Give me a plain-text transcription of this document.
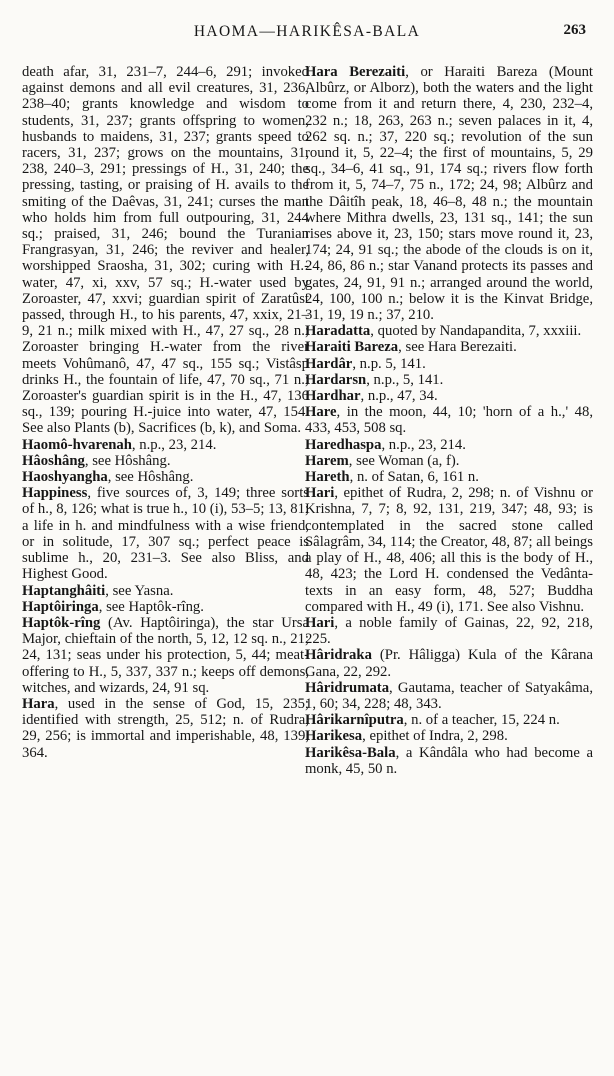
HAOMA—HARIKÊSA-BALA	263

death afar, 31, 231–7, 244–6, 291; invoked against demons and all evil creatures, 31, 236, 238–40; grants knowledge and wisdom to students, 31, 237; grants offspring to women, husbands to maidens, 31, 237; grants speed to racers, 31, 237; grows on the mountains, 31, 238, 240–3, 291; pressings of H., 31, 240; the pressing, tasting, or praising of H. avails to the smiting of the Daêvas, 31, 241; curses the man who holds him from full outpouring, 31, 244 sq.; praised, 31, 246; bound the Turanian Frangrasyan, 31, 246; the reviver and healer, worshipped Sraosha, 31, 302; curing with H.-water, 47, xi, xxv, 57 sq.; H.-water used by Zoroaster, 47, xxvi; guardian spirit of Zaratûst passed, through H., to his parents, 47, xxix, 21–9, 21 n.; milk mixed with H., 47, 27 sq., 28 n.; Zoroaster bringing H.-water from the river meets Vohûmanô, 47, 47 sq., 155 sq.; Vistâsp drinks H., the fountain of life, 47, 70 sq., 71 n.; Zoroaster's guardian spirit is in the H., 47, 136 sq., 139; pouring H.-juice into water, 47, 154. See also Plants (b), Sacrifices (b, k), and Soma.

Haomô-hvarenah, n.p., 23, 214.

Hâoshâng, see Hôshâng.

Haoshyangha, see Hôshâng.

Happiness, five sources of, 3, 149; three sorts of h., 8, 126; what is true h., 10 (i), 53–5; 13, 81; a life in h. and mindfulness with a wise friend, or in solitude, 17, 307 sq.; perfect peace is sublime h., 20, 231–3. See also Bliss, and Highest Good.

Haptanghâiti, see Yasna.

Haptôiringa, see Haptôk-rîng.

Haptôk-rîng (Av. Haptôiringa), the star Ursa Major, chieftain of the north, 5, 12, 12 sq. n., 21; 24, 131; seas under his protection, 5, 44; meat-offering to H., 5, 337, 337 n.; keeps off demons, witches, and wizards, 24, 91 sq.

Hara, used in the sense of God, 15, 235; identified with strength, 25, 512; n. of Rudra, 29, 256; is immortal and imperishable, 48, 139, 364.

Hara Berezaiti, or Haraiti Bareza (Mount Albûrz, or Alborz), both the waters and the light come from it and return there, 4, 230, 232–4, 232 n.; 18, 263, 263 n.; seven palaces in it, 4, 262 sq. n.; 37, 220 sq.; revolution of the sun round it, 5, 22–4; the first of mountains, 5, 29 sq., 34–6, 41 sq., 91, 174 sq.; rivers flow forth from it, 5, 74–7, 75 n., 172; 24, 98; Albûrz and the Dâitîh peak, 18, 46–8, 48 n.; the mountain where Mithra dwells, 23, 131 sq., 141; the sun rises above it, 23, 150; stars move round it, 23, 174; 24, 91 sq.; the abode of the clouds is on it, 24, 86, 86 n.; star Vanand protects its passes and gates, 24, 91, 91 n.; arranged around the world, 24, 100, 100 n.; below it is the Kinvat Bridge, 31, 19, 19 n.; 37, 210.

Haradatta, quoted by Nandapandita, 7, xxxiii.

Haraiti Bareza, see Hara Berezaiti.

Hardâr, n.p. 5, 141.

Hardarsn, n.p., 5, 141.

Hardhar, n.p., 47, 34.

Hare, in the moon, 44, 10; 'horn of a h.,' 48, 433, 453, 508 sq.

Haredhaspa, n.p., 23, 214.

Harem, see Woman (a, f).

Hareth, n. of Satan, 6, 161 n.

Hari, epithet of Rudra, 2, 298; n. of Vishnu or Krishna, 7, 7; 8, 92, 131, 219, 347; 48, 93; is contemplated in the sacred stone called Sâlagrâm, 34, 114; the Creator, 48, 87; all beings a play of H., 48, 406; all this is the body of H., 48, 423; the Lord H. condensed the Vedânta-texts in an easy form, 48, 527; Buddha compared with H., 49 (i), 171. See also Vishnu.

Hari, a noble family of Gainas, 22, 92, 218, 225.

Hâridraka (Pr. Hâligga) Kula of the Kârana Gana, 22, 292.

Hâridrumata, Gautama, teacher of Satyakâma, 1, 60; 34, 228; 48, 343.

Hârikarnîputra, n. of a teacher, 15, 224 n.

Harikesa, epithet of Indra, 2, 298.

Harikêsa-Bala, a Kândâla who had become a monk, 45, 50 n.
